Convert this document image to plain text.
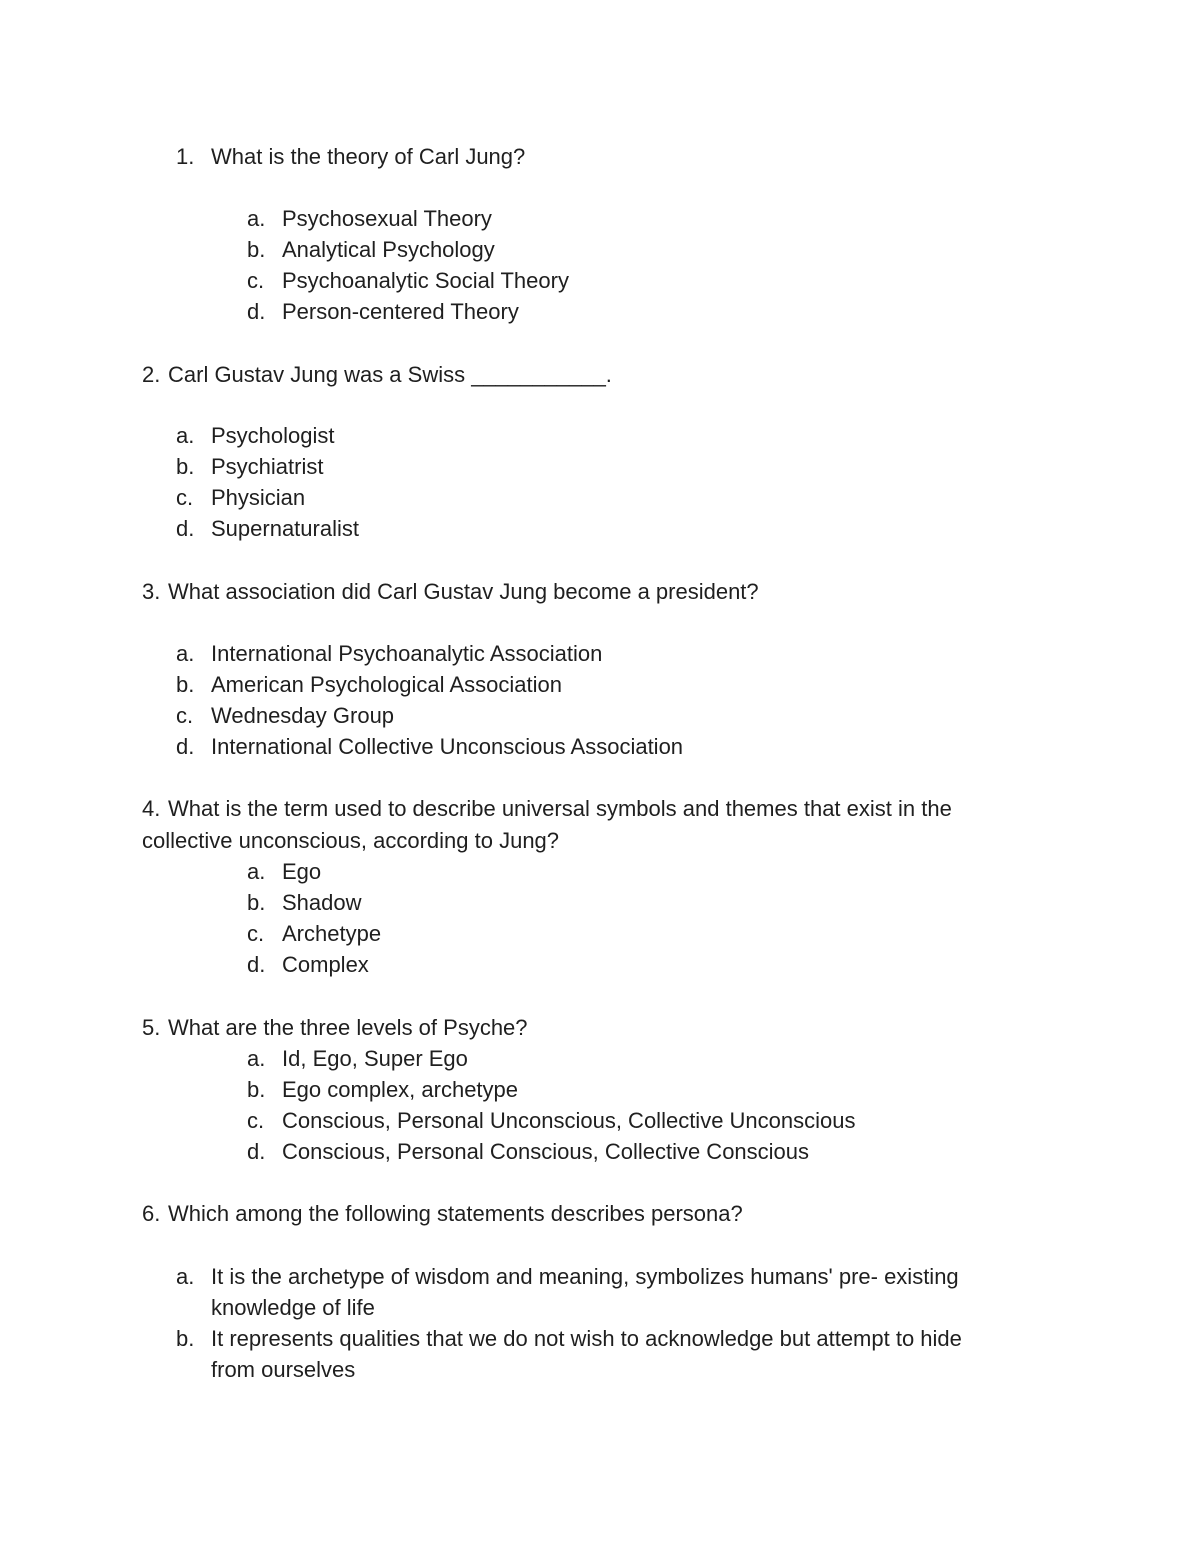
1. What is the theory of Carl Jung?
a. Psychosexual Theory
b. Analytical Psychology
c. Psychoanalytic Social Theory
d. Person-centered Theory
2. Carl Gustav Jung was a Swiss ___________.
a. Psychologist
b. Psychiatrist
c. Physician
d. Supernaturalist
3. What association did Carl Gustav Jung become a president?
a. International Psychoanalytic Association
b. American Psychological Association
c. Wednesday Group
d. International Collective Unconscious Association
4. What is the term used to describe universal symbols and themes that exist in the
collective unconscious, according to Jung?
a. Ego
b. Shadow
c. Archetype
d. Complex
5. What are the three levels of Psyche?
a. Id, Ego, Super Ego
b. Ego complex, archetype
c. Conscious, Personal Unconscious, Collective Unconscious
d. Conscious, Personal Conscious, Collective Conscious
6. Which among the following statements describes persona?
a. It is the archetype of wisdom and meaning, symbolizes humans' pre- existing
knowledge of life
b. It represents qualities that we do not wish to acknowledge but attempt to hide
from ourselves
